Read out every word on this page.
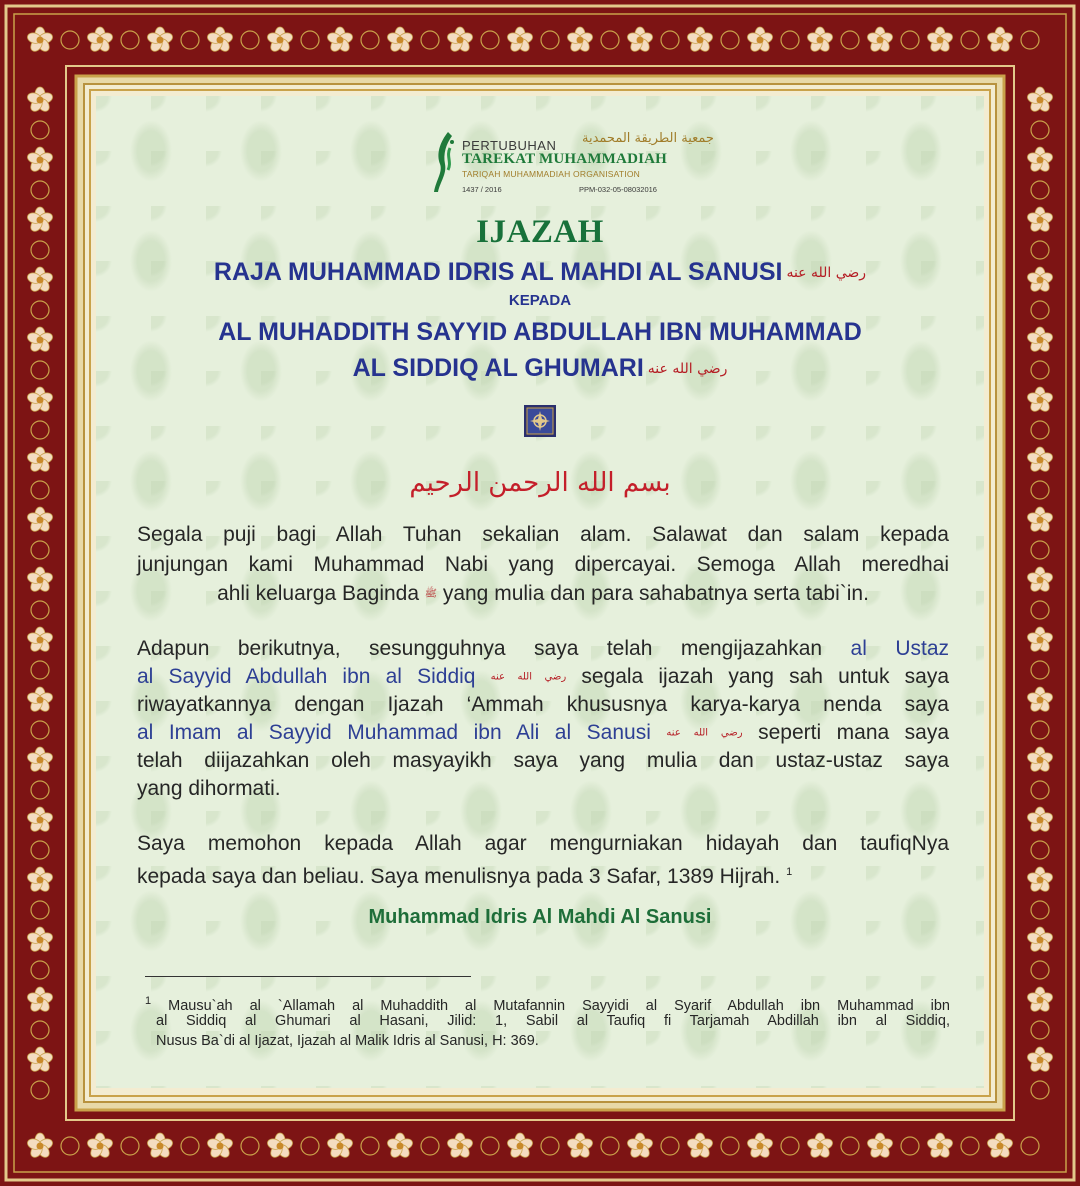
PERTUBUHAN
TAREKAT MUHAMMADIAH
TARIQAH MUHAMMADIAH ORGANISATION
1437 / 2016	PPM-032-05-08032016
جمعية الطريقة المحمدية
IJAZAH
RAJA MUHAMMAD IDRIS AL MAHDI AL SANUSI رضي الله عنه
KEPADA
AL MUHADDITH SAYYID ABDULLAH IBN MUHAMMAD
AL SIDDIQ AL GHUMARI رضي الله عنه
بسم الله الرحمن الرحيم
Segala puji bagi Allah Tuhan sekalian alam. Salawat dan salam kepada
junjungan kami Muhammad Nabi yang dipercayai. Semoga Allah meredhai
ahli keluarga Baginda ﷺ yang mulia dan para sahabatnya serta tabi`in.
Adapun berikutnya, sesungguhnya saya telah mengijazahkan al Ustaz
al Sayyid Abdullah ibn al Siddiq رضي الله عنه segala ijazah yang sah untuk saya
riwayatkannya dengan Ijazah ‘Ammah khususnya karya-karya nenda saya
al Imam al Sayyid Muhammad ibn Ali al Sanusi رضي الله عنه seperti mana saya
telah diijazahkan oleh masyayikh saya yang mulia dan ustaz-ustaz saya
yang dihormati.
Saya memohon kepada Allah agar mengurniakan hidayah dan taufiqNya
kepada saya dan beliau. Saya menulisnya pada 3 Safar, 1389 Hijrah. $^1$
Muhammad Idris Al Mahdi Al Sanusi
$^1$ Mausu`ah al `Allamah al Muhaddith al Mutafannin Sayyidi al Syarif Abdullah ibn Muhammad ibn
al Siddiq al Ghumari al Hasani, Jilid: 1, Sabil al Taufiq fi Tarjamah Abdillah ibn al Siddiq,
Nusus Ba`di al Ijazat, Ijazah al Malik Idris al Sanusi, H: 369.
